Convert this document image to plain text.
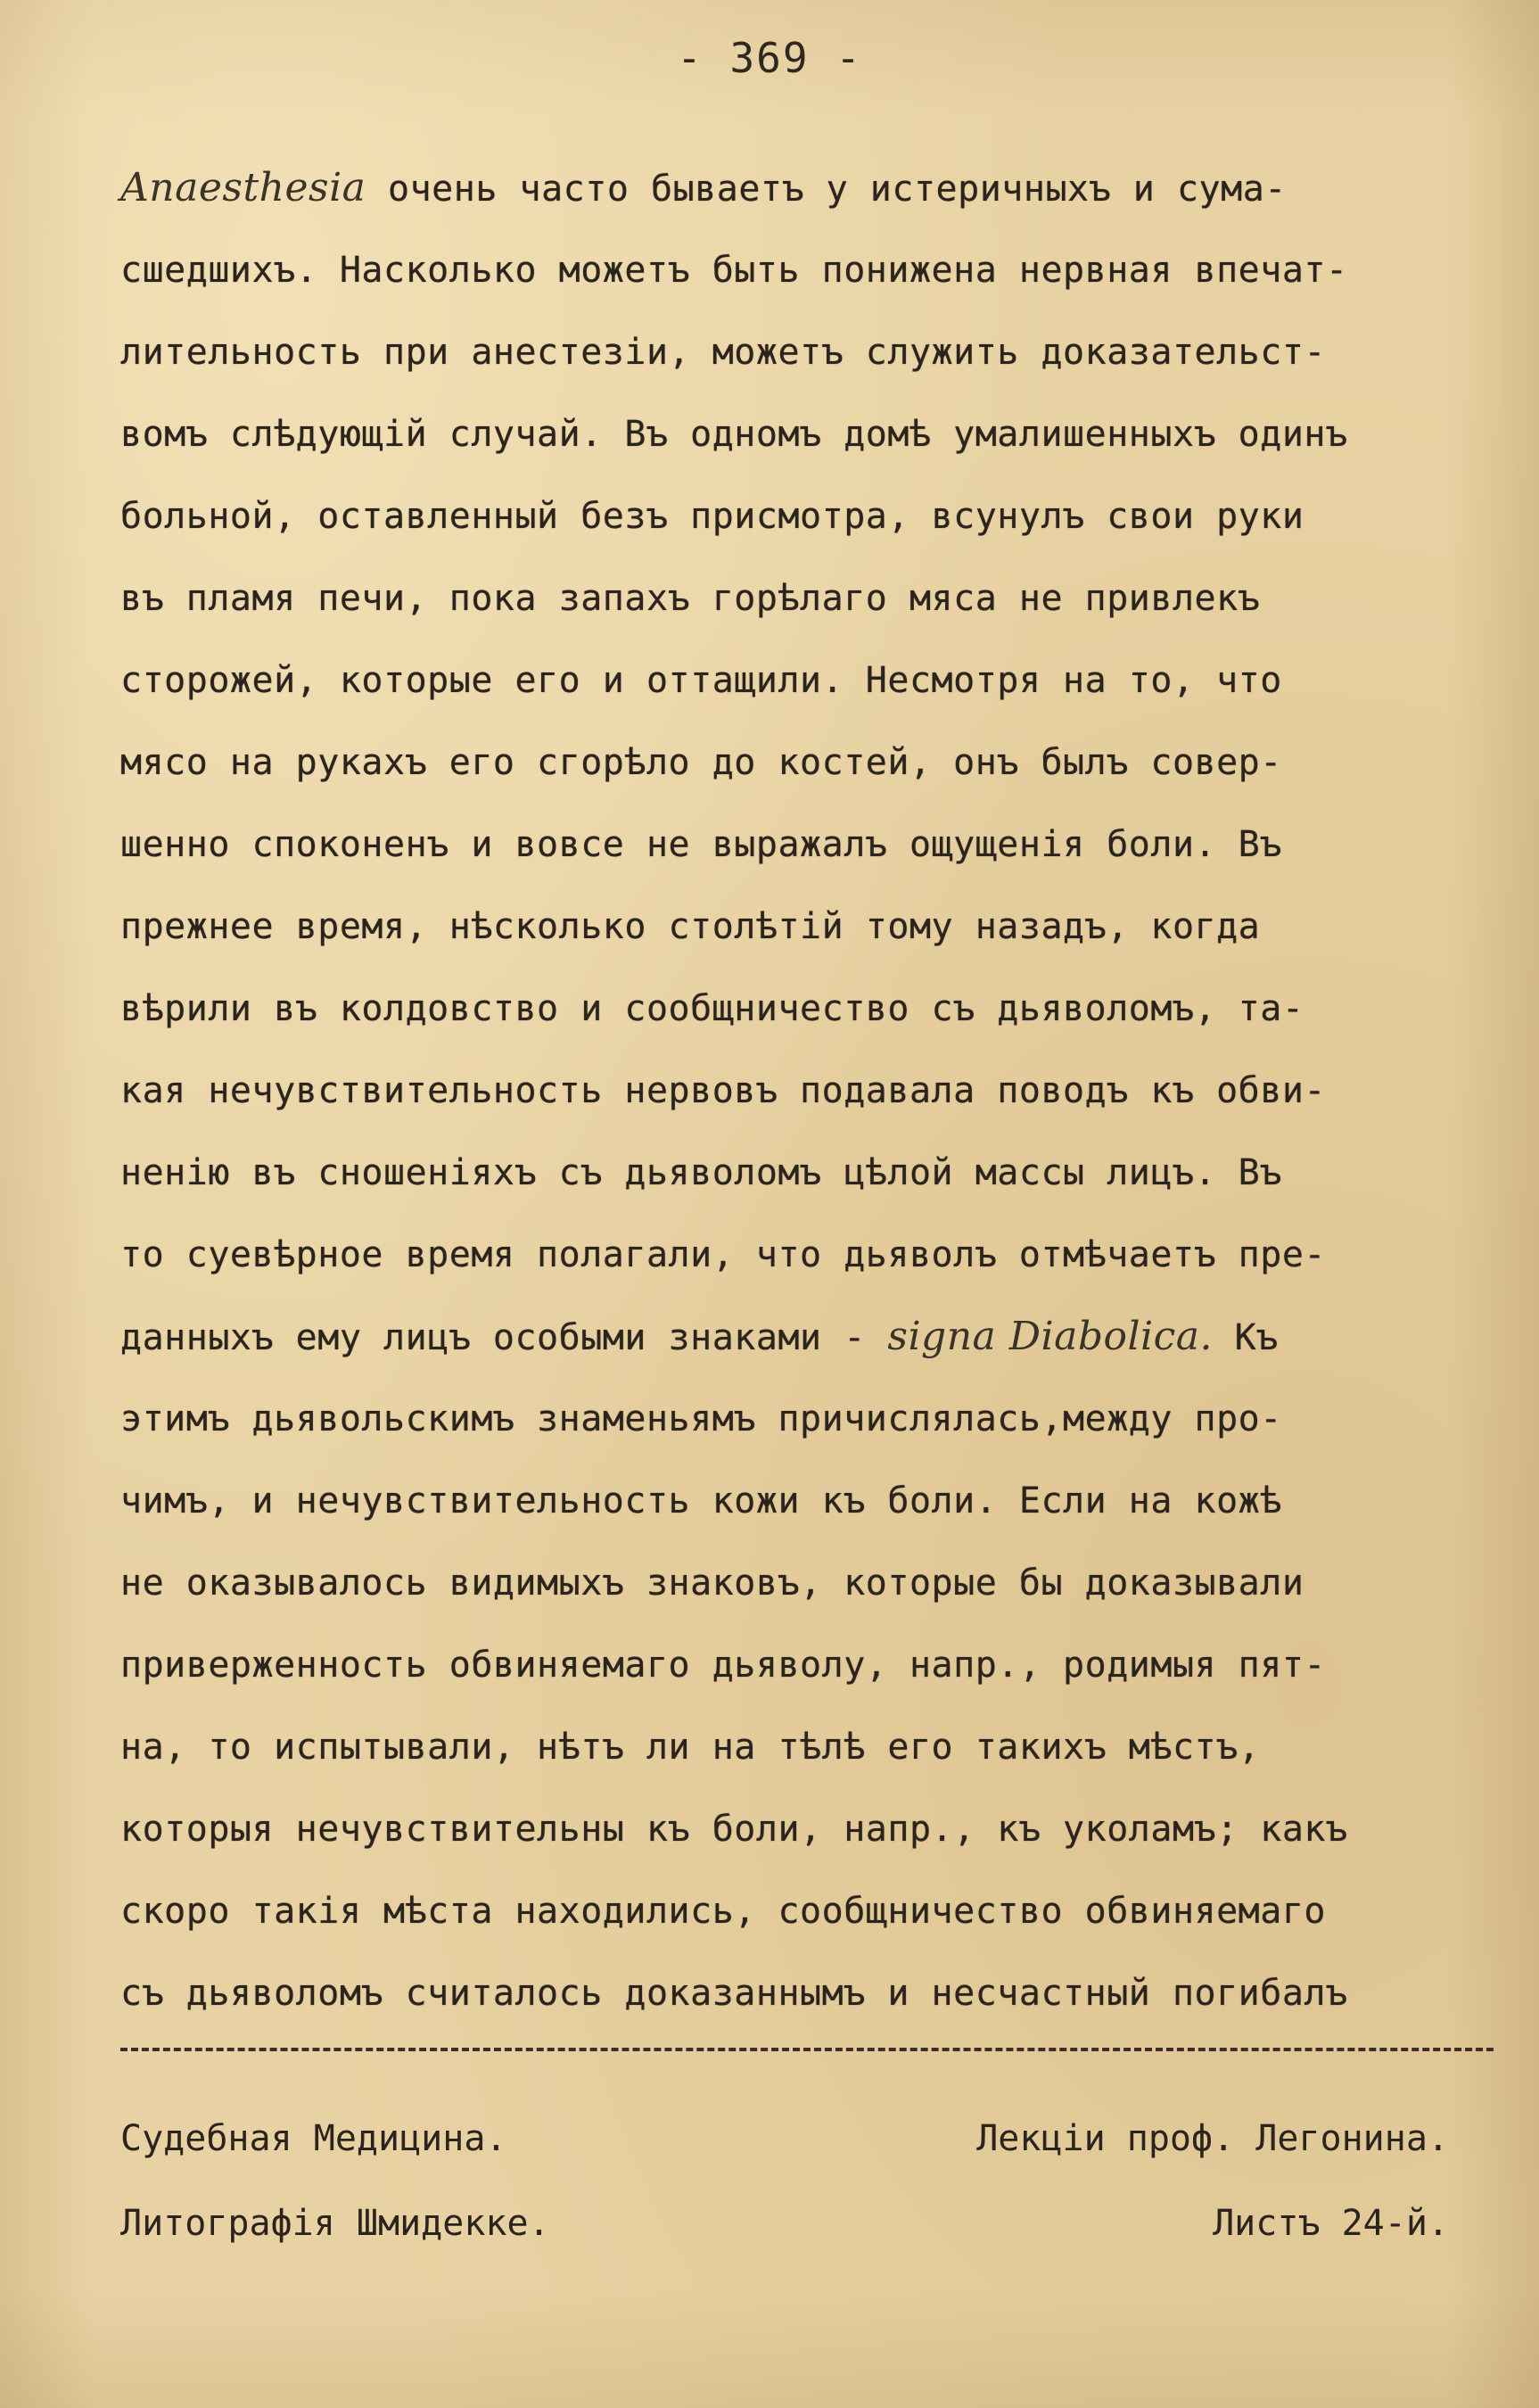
- 369 -
Anaesthesia очень часто бываетъ у истеричныхъ и сума-
сшедшихъ. Насколько можетъ быть понижена нервная впечат-
лительность при анестезіи, можетъ служить доказательст-
вомъ слѣдующій случай. Въ одномъ домѣ умалишенныхъ одинъ
больной, оставленный безъ присмотра, всунулъ свои руки
въ пламя печи, пока запахъ горѣлаго мяса не привлекъ
сторожей, которые его и оттащили. Несмотря на то, что
мясо на рукахъ его сгорѣло до костей, онъ былъ совер-
шенно споконенъ и вовсе не выражалъ ощущенія боли. Въ
прежнее время, нѣсколько столѣтій тому назадъ, когда
вѣрили въ колдовство и сообщничество съ дьяволомъ, та-
кая нечувствительность нервовъ подавала поводъ къ обви-
ненію въ сношеніяхъ съ дьяволомъ цѣлой массы лицъ. Въ
то суевѣрное время полагали, что дьяволъ отмѣчаетъ пре-
данныхъ ему лицъ особыми знаками - signa Diabolica. Къ
этимъ дьявольскимъ знаменьямъ причислялась,между про-
чимъ, и нечувствительность кожи къ боли. Если на кожѣ
не оказывалось видимыхъ знаковъ, которые бы доказывали
приверженность обвиняемаго дьяволу, напр., родимыя пят-
на, то испытывали, нѣтъ ли на тѣлѣ его такихъ мѣстъ,
которыя нечувствительны къ боли, напр., къ уколамъ; какъ
скоро такія мѣста находились, сообщничество обвиняемаго
съ дьяволомъ считалось доказаннымъ и несчастный погибалъ
Судебная Медицина.	Лекціи проф. Легонина.
Литографія Шмидекке.	Листъ 24-й.
